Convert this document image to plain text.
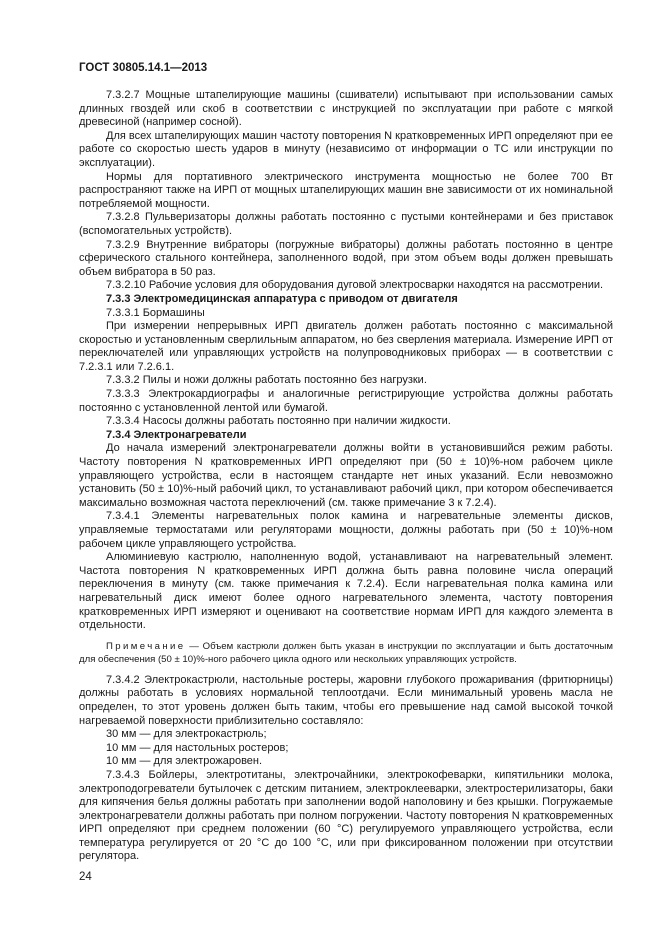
ГОСТ 30805.14.1—2013

7.3.2.7 Мощные штапелирующие машины (сшиватели) испытывают при использовании самых длинных гвоздей или скоб в соответствии с инструкцией по эксплуатации при работе с мягкой древесиной (например сосной).

Для всех штапелирующих машин частоту повторения N кратковременных ИРП определяют при ее работе со скоростью шесть ударов в минуту (независимо от информации о ТС или инструкции по эксплуатации).

Нормы для портативного электрического инструмента мощностью не более 700 Вт распространяют также на ИРП от мощных штапелирующих машин вне зависимости от их номинальной потребляемой мощности.

7.3.2.8 Пульверизаторы должны работать постоянно с пустыми контейнерами и без приставок (вспомогательных устройств).

7.3.2.9 Внутренние вибраторы (погружные вибраторы) должны работать постоянно в центре сферического стального контейнера, заполненного водой, при этом объем воды должен превышать объем вибратора в 50 раз.

7.3.2.10 Рабочие условия для оборудования дуговой электросварки находятся на рассмотрении.

7.3.3 Электромедицинская аппаратура с приводом от двигателя

7.3.3.1 Бормашины

При измерении непрерывных ИРП двигатель должен работать постоянно с максимальной скоростью и установленным сверлильным аппаратом, но без сверления материала. Измерение ИРП от переключателей или управляющих устройств на полупроводниковых приборах — в соответствии с 7.2.3.1 или 7.2.6.1.

7.3.3.2 Пилы и ножи должны работать постоянно без нагрузки.

7.3.3.3 Электрокардиографы и аналогичные регистрирующие устройства должны работать постоянно с установленной лентой или бумагой.

7.3.3.4 Насосы должны работать постоянно при наличии жидкости.

7.3.4 Электронагреватели

До начала измерений электронагреватели должны войти в установившийся режим работы. Частоту повторения N кратковременных ИРП определяют при (50 ± 10)%-ном рабочем цикле управляющего устройства, если в настоящем стандарте нет иных указаний. Если невозможно установить (50 ± 10)%-ный рабочий цикл, то устанавливают рабочий цикл, при котором обеспечивается максимально возможная частота переключений (см. также примечание 3 к 7.2.4).

7.3.4.1 Элементы нагревательных полок камина и нагревательные элементы дисков, управляемые термостатами или регуляторами мощности, должны работать при (50 ± 10)%-ном рабочем цикле управляющего устройства.

Алюминиевую кастрюлю, наполненную водой, устанавливают на нагревательный элемент. Частота повторения N кратковременных ИРП должна быть равна половине числа операций переключения в минуту (см. также примечания к 7.2.4). Если нагревательная полка камина или нагревательный диск имеют более одного нагревательного элемента, частоту повторения кратковременных ИРП измеряют и оценивают на соответствие нормам ИРП для каждого элемента в отдельности.

Примечание — Объем кастрюли должен быть указан в инструкции по эксплуатации и быть достаточным для обеспечения (50 ± 10)%-ного рабочего цикла одного или нескольких управляющих устройств.

7.3.4.2 Электрокастрюли, настольные ростеры, жаровни глубокого прожаривания (фритюрницы) должны работать в условиях нормальной теплоотдачи. Если минимальный уровень масла не определен, то этот уровень должен быть таким, чтобы его превышение над самой высокой точкой нагреваемой поверхности приблизительно составляло:

30 мм — для электрокастрюль;

10 мм — для настольных ростеров;

10 мм — для электрожаровен.

7.3.4.3 Бойлеры, электротитаны, электрочайники, электрокофеварки, кипятильники молока, электроподогреватели бутылочек с детским питанием, электроклееварки, электростерилизаторы, баки для кипячения белья должны работать при заполнении водой наполовину и без крышки. Погружаемые электронагреватели должны работать при полном погружении. Частоту повторения N кратковременных ИРП определяют при среднем положении (60 °С) регулируемого управляющего устройства, если температура регулируется от 20 °С до 100 °С, или при фиксированном положении при отсутствии регулятора.

24
